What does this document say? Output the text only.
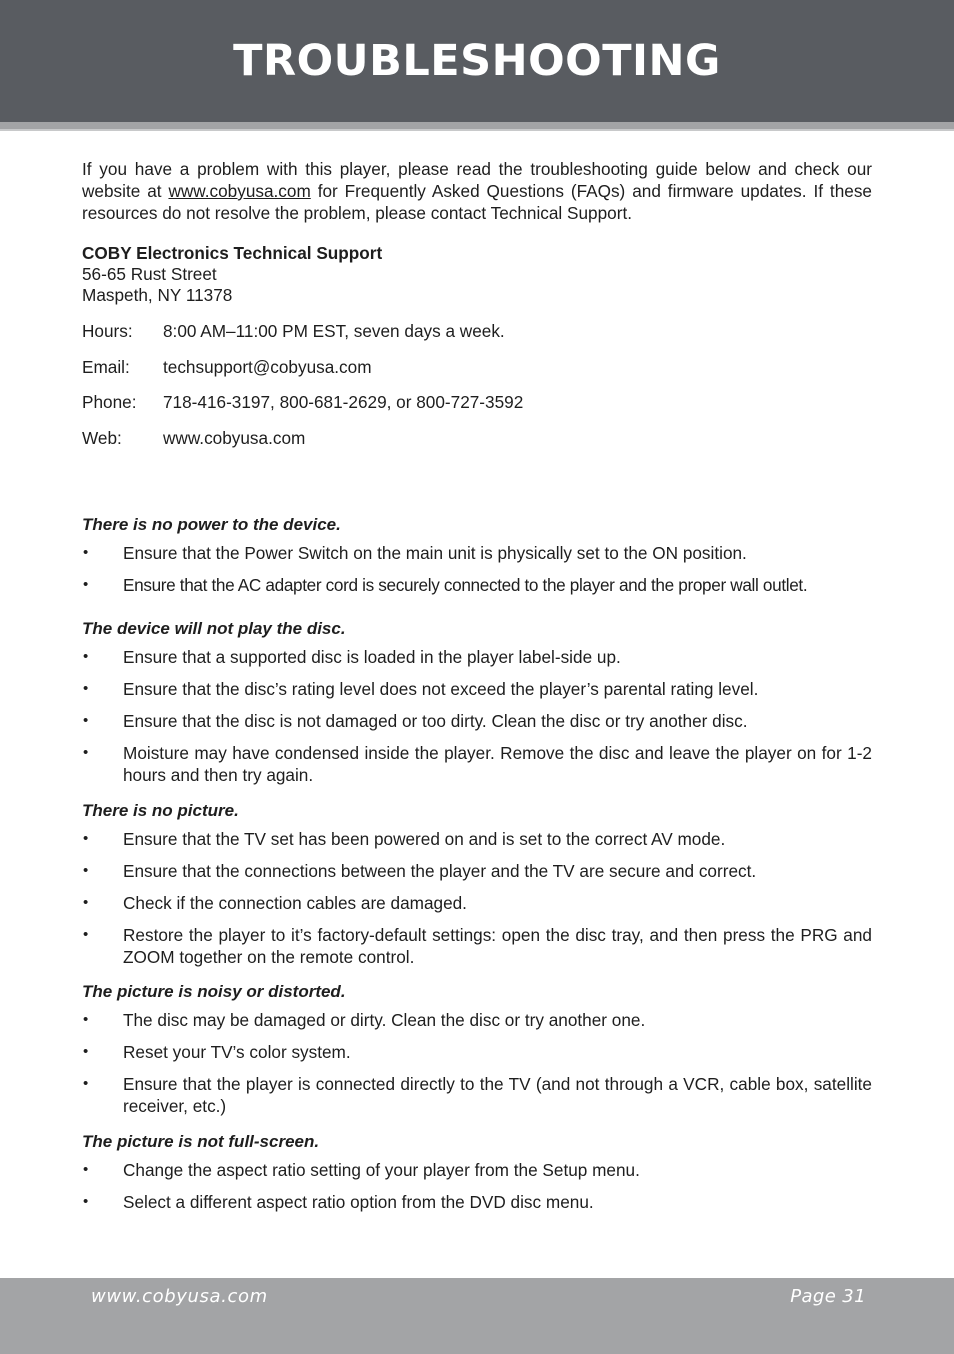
TROUBLESHOOTING

If you have a problem with this player, please read the troubleshooting guide below and check our website at www.cobyusa.com for Frequently Asked Questions (FAQs) and firmware updates. If these resources do not resolve the problem, please contact Technical Support.

COBY Electronics Technical Support
56-65 Rust Street
Maspeth, NY 11378
Hours:	8:00 AM–11:00 PM EST, seven days a week.
Email:	techsupport@cobyusa.com
Phone:	718-416-3197, 800-681-2629, or 800-727-3592
Web:	www.cobyusa.com
There is no power to the device.
• Ensure that the Power Switch on the main unit is physically set to the ON position.
• Ensure that the AC adapter cord is securely connected to the player and the proper wall outlet.
The device will not play the disc.
• Ensure that a supported disc is loaded in the player label-side up.
• Ensure that the disc’s rating level does not exceed the player’s parental rating level.
• Ensure that the disc is not damaged or too dirty. Clean the disc or try another disc.
• Moisture may have condensed inside the player. Remove the disc and leave the player on for 1-2 hours and then try again.
There is no picture.
• Ensure that the TV set has been powered on and is set to the correct AV mode.
• Ensure that the connections between the player and the TV are secure and correct.
• Check if the connection cables are damaged.
• Restore the player to it’s factory-default settings: open the disc tray, and then press the PRG and ZOOM together on the remote control.
The picture is noisy or distorted.
• The disc may be damaged or dirty. Clean the disc or try another one.
• Reset your TV’s color system.
• Ensure that the player is connected directly to the TV (and not through a VCR, cable box, satellite receiver, etc.)
The picture is not full-screen.
• Change the aspect ratio setting of your player from the Setup menu.
• Select a different aspect ratio option from the DVD disc menu.
www.cobyusa.com	Page 31
